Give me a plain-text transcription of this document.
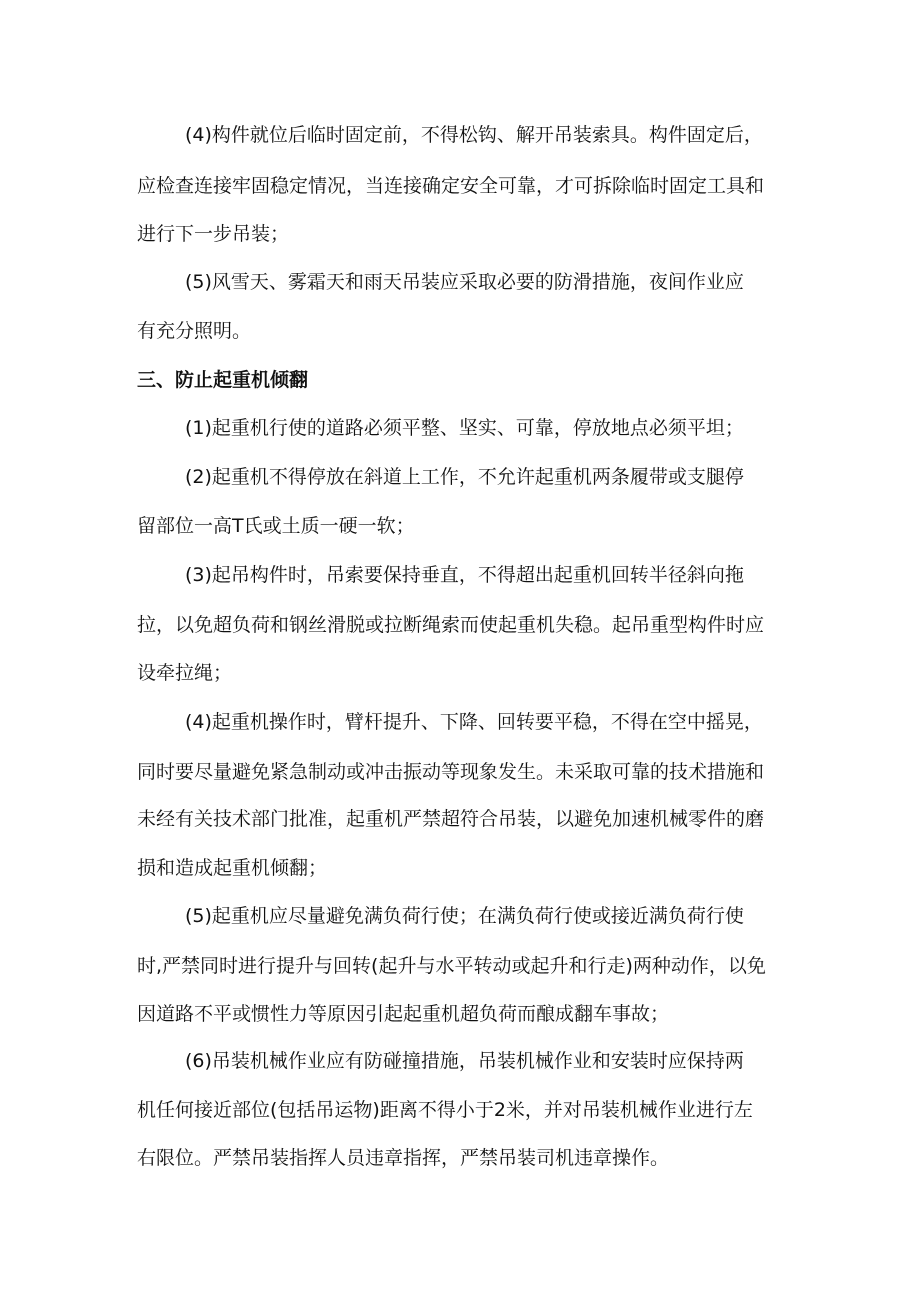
(4)构件就位后临时固定前，不得松钩、解开吊装索具。构件固定后，
应检查连接牢固稳定情况，当连接确定安全可靠，才可拆除临时固定工具和
进行下一步吊装；
(5)风雪天、雾霜天和雨天吊装应采取必要的防滑措施，夜间作业应
有充分照明。
三、防止起重机倾翻
(1)起重机行使的道路必须平整、坚实、可靠，停放地点必须平坦；
(2)起重机不得停放在斜道上工作，不允许起重机两条履带或支腿停
留部位一高T氏或土质一硬一软；
(3)起吊构件时，吊索要保持垂直，不得超出起重机回转半径斜向拖
拉，以免超负荷和钢丝滑脱或拉断绳索而使起重机失稳。起吊重型构件时应
设牵拉绳；
(4)起重机操作时，臂杆提升、下降、回转要平稳，不得在空中摇晃，
同时要尽量避免紧急制动或冲击振动等现象发生。未采取可靠的技术措施和
未经有关技术部门批准，起重机严禁超符合吊装，以避免加速机械零件的磨
损和造成起重机倾翻；
(5)起重机应尽量避免满负荷行使；在满负荷行使或接近满负荷行使
时,严禁同时进行提升与回转(起升与水平转动或起升和行走)两种动作，以免
因道路不平或惯性力等原因引起起重机超负荷而酿成翻车事故；
(6)吊装机械作业应有防碰撞措施，吊装机械作业和安装时应保持两
机任何接近部位(包括吊运物)距离不得小于2米，并对吊装机械作业进行左
右限位。严禁吊装指挥人员违章指挥，严禁吊装司机违章操作。
